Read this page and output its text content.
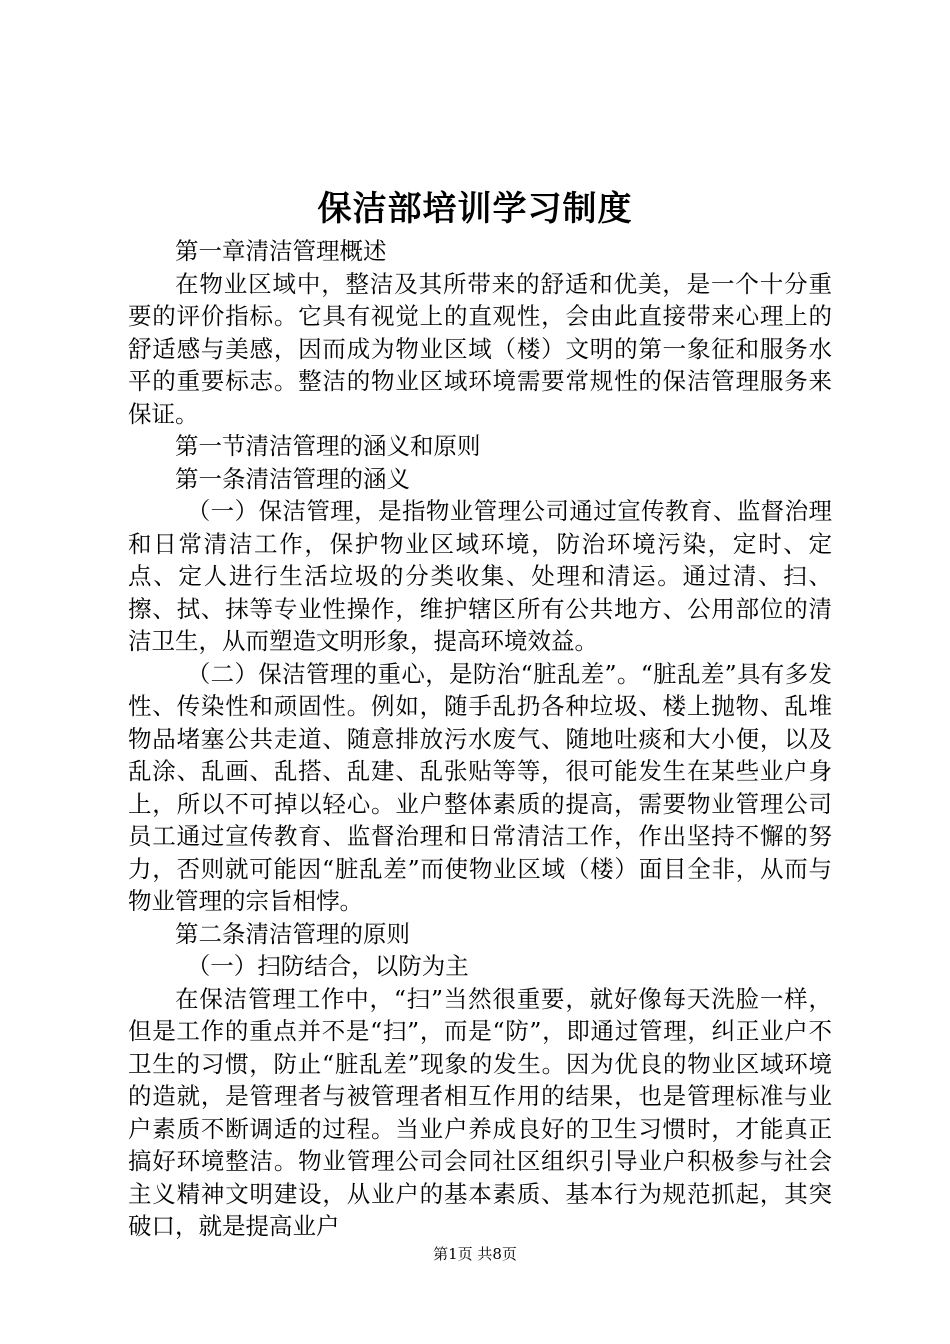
保洁部培训学习制度

第一章清洁管理概述

在物业区域中，整洁及其所带来的舒适和优美，是一个十分重要的评价指标。它具有视觉上的直观性，会由此直接带来心理上的舒适感与美感，因而成为物业区域（楼）文明的第一象征和服务水平的重要标志。整洁的物业区域环境需要常规性的保洁管理服务来保证。

第一节清洁管理的涵义和原则

第一条清洁管理的涵义

（一）保洁管理，是指物业管理公司通过宣传教育、监督治理和日常清洁工作，保护物业区域环境，防治环境污染，定时、定点、定人进行生活垃圾的分类收集、处理和清运。通过清、扫、擦、拭、抹等专业性操作，维护辖区所有公共地方、公用部位的清洁卫生，从而塑造文明形象，提高环境效益。

（二）保洁管理的重心，是防治“脏乱差”。“脏乱差”具有多发性、传染性和顽固性。例如，随手乱扔各种垃圾、楼上抛物、乱堆物品堵塞公共走道、随意排放污水废气、随地吐痰和大小便，以及乱涂、乱画、乱搭、乱建、乱张贴等等，很可能发生在某些业户身上，所以不可掉以轻心。业户整体素质的提高，需要物业管理公司员工通过宣传教育、监督治理和日常清洁工作，作出坚持不懈的努力，否则就可能因“脏乱差”而使物业区域（楼）面目全非，从而与物业管理的宗旨相悖。

第二条清洁管理的原则

（一）扫防结合，以防为主

在保洁管理工作中，“扫”当然很重要，就好像每天洗脸一样，但是工作的重点并不是“扫”，而是“防”，即通过管理，纠正业户不卫生的习惯，防止“脏乱差”现象的发生。因为优良的物业区域环境的造就，是管理者与被管理者相互作用的结果，也是管理标准与业户素质不断调适的过程。当业户养成良好的卫生习惯时，才能真正搞好环境整洁。物业管理公司会同社区组织引导业户积极参与社会主义精神文明建设，从业户的基本素质、基本行为规范抓起，其突破口，就是提高业户

第1页 共8页
